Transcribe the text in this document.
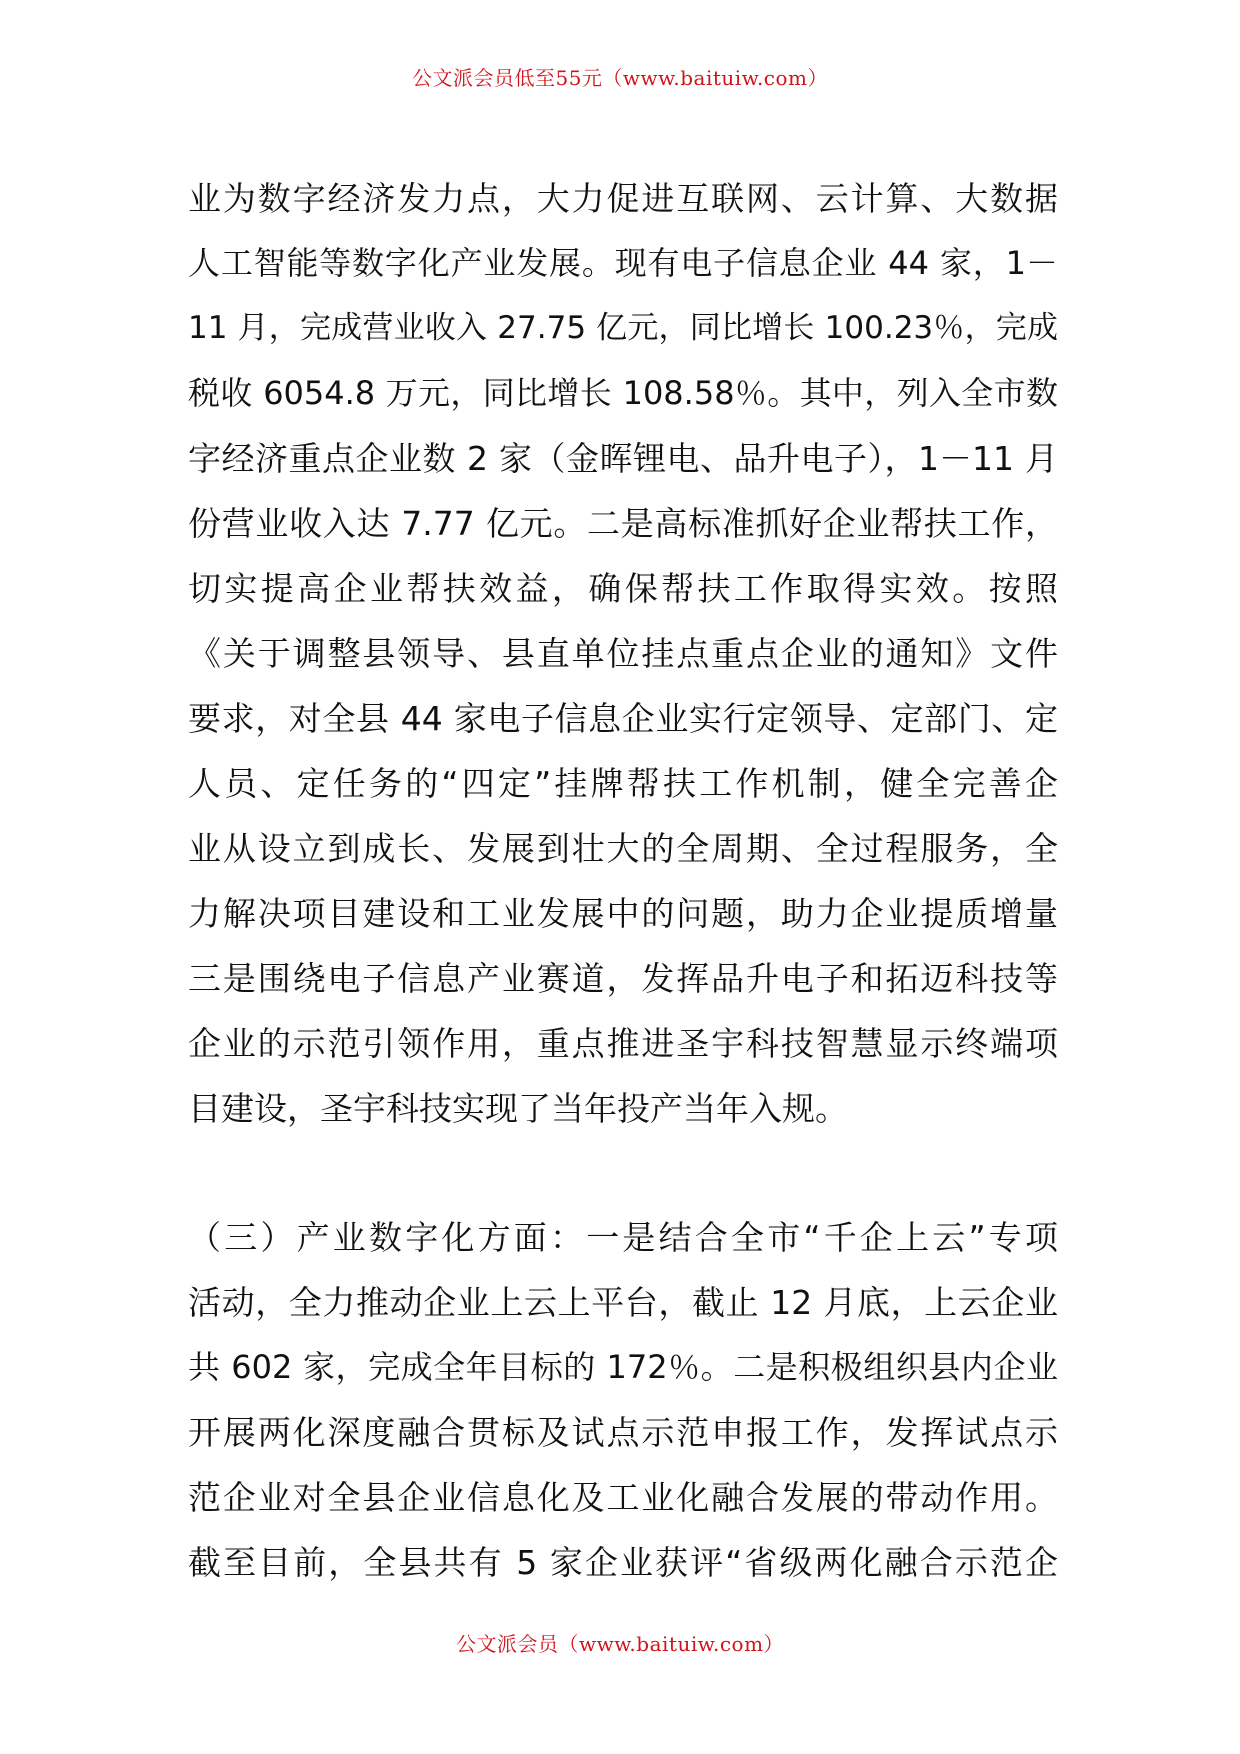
公文派会员低至55元（www.baituiw.com）
业为数字经济发力点，大力促进互联网、云计算、大数据
人工智能等数字化产业发展。现有电子信息企业 44 家，1－
11 月，完成营业收入 27.75 亿元，同比增长 100.23％，完成
税收 6054.8 万元，同比增长 108.58％。其中，列入全市数
字经济重点企业数 2 家（金晖锂电、品升电子），1－11 月
份营业收入达 7.77 亿元。二是高标准抓好企业帮扶工作，
切实提高企业帮扶效益，确保帮扶工作取得实效。按照
《关于调整县领导、县直单位挂点重点企业的通知》文件
要求，对全县 44 家电子信息企业实行定领导、定部门、定
人员、定任务的“四定”挂牌帮扶工作机制，健全完善企
业从设立到成长、发展到壮大的全周期、全过程服务，全
力解决项目建设和工业发展中的问题，助力企业提质增量
三是围绕电子信息产业赛道，发挥品升电子和拓迈科技等
企业的示范引领作用，重点推进圣宇科技智慧显示终端项
目建设，圣宇科技实现了当年投产当年入规。
（三）产业数字化方面：一是结合全市“千企上云”专项
活动，全力推动企业上云上平台，截止 12 月底，上云企业
共 602 家，完成全年目标的 172％。二是积极组织县内企业
开展两化深度融合贯标及试点示范申报工作，发挥试点示
范企业对全县企业信息化及工业化融合发展的带动作用。
截至目前，全县共有 5 家企业获评“省级两化融合示范企
公文派会员（www.baituiw.com）
